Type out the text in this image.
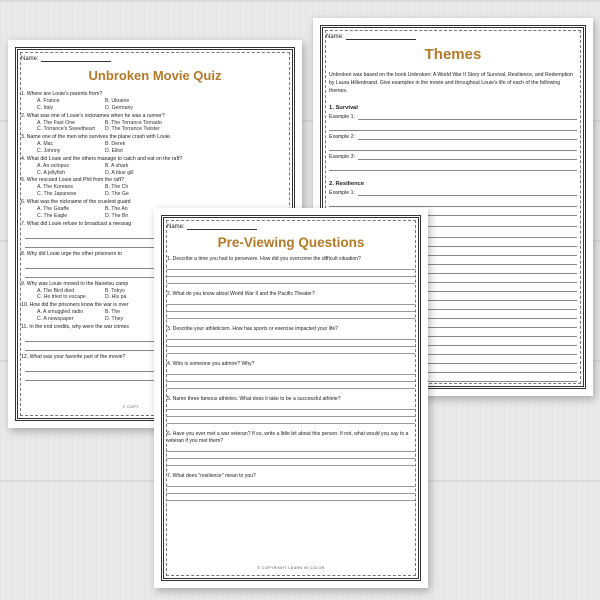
Name:
Unbroken Movie Quiz
1. Where are Louie's parents from?
A. France	B. Ukraine
C. Italy	D. Germany
2. What was one of Louie's nicknames when he was a runner?
A. The Fast One	B. The Torrance Tornado
C. Torrance's Sweetheart	D. The Torrance Twister
3. Name one of the men who survives the plane crash with Louie.
A. Mac	B. Derek
C. Johnny	D. Elliot
4. What did Louie and the others manage to catch and eat on the raft?
A. An octopus	B. A shark
C. A jellyfish	D. A blue gill
5. Who rescued Louie and Phil from the raft?
A. The Koreans	B. The Ch
C. The Japanese	D. The Ge
6. What was the nickname of the cruelest guard
A. The Giraffe	B. The An
C. The Eagle	D. The Bir
7. What did Louie refuse to broadcast a messag
8. Why did Louie urge the other prisoners to
9. Why was Louie moved to the Naoetsu camp
A. The Bird died	B. Tokyo
C. He tried to escape	D. His pa
10. How did the prisoners know the war is over
A. A smuggled radio	B. The
C. A newspaper	D. They
11. In the end credits, why were the war crimes
12. What was your favorite part of the movie?
© COPY
Name:
Themes
Unbroken was based on the book Unbroken: A World War II Story of Survival, Resilience, and Redemption by Laura Hillenbrand. Give examples in the movie and throughout Louie's life of each of the following themes.
1. Survival
Example 1:
Example 2:
Example 3:
2. Resilience
Example 1:
Name:
Pre-Viewing Questions
1. Describe a time you had to persevere. How did you overcome the difficult situation?
2. What do you know about World War II and the Pacific Theater?
3. Describe your athleticism. How has sports or exercise impacted your life?
4. Who is someone you admire? Why?
5. Name three famous athletes. What does it take to be a successful athlete?
6. Have you ever met a war veteran? If so, write a little bit about this person. If not, what would you say to a veteran if you met them?
7. What does "resilience" mean to you?
© COPYRIGHT LEARN IN COLOR
